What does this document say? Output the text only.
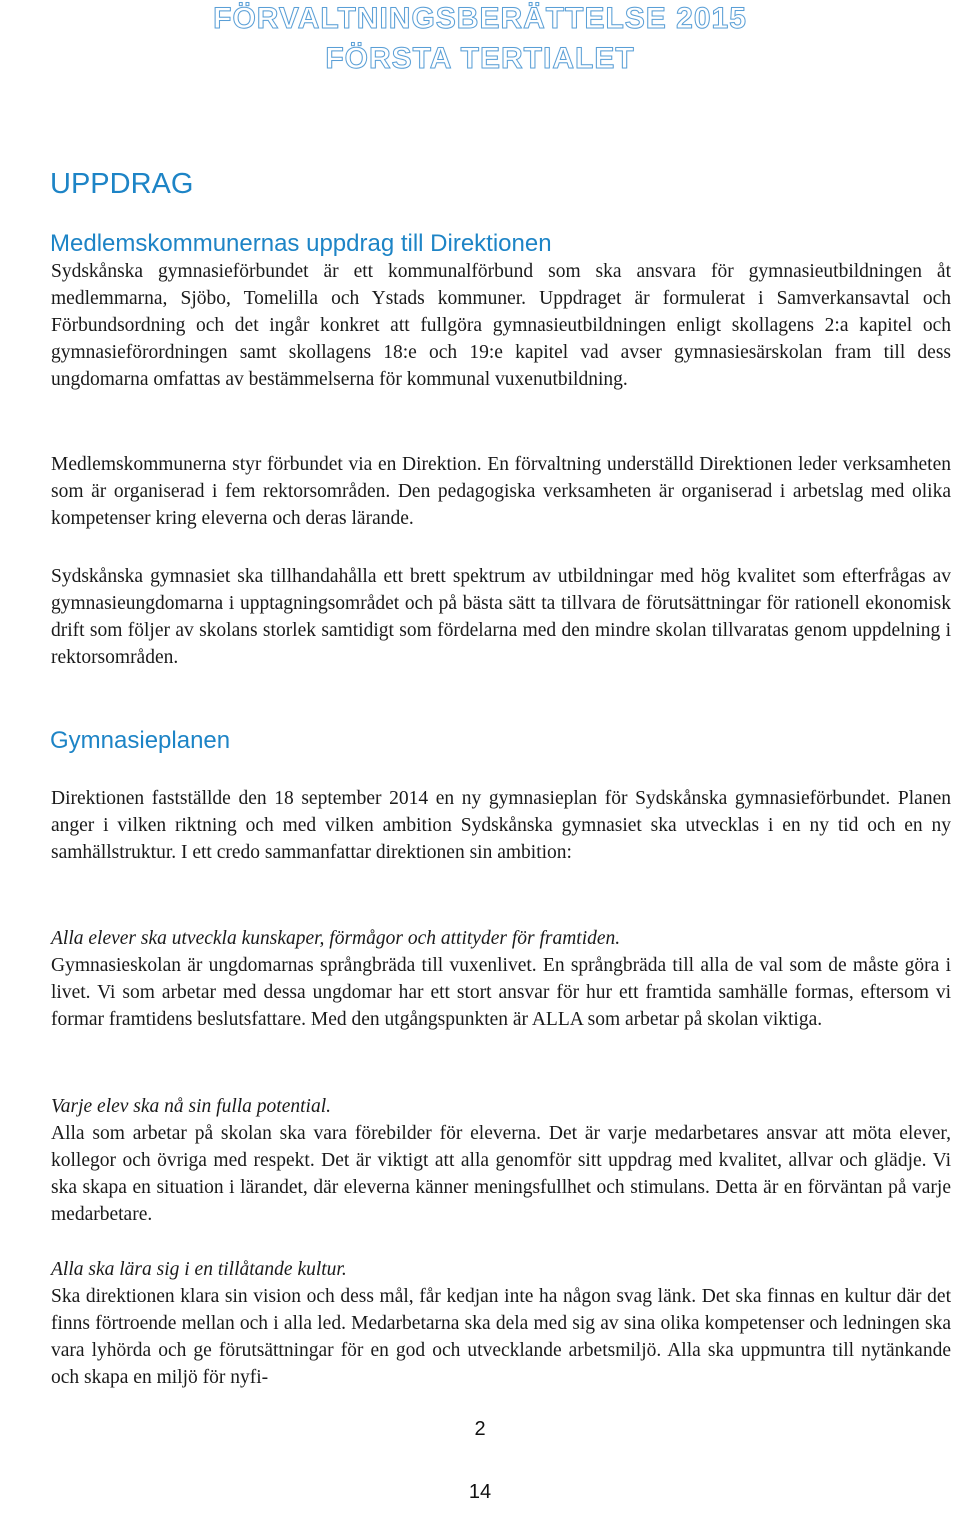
FÖRVALTNINGSBERÄTTELSE 2015
FÖRSTA TERTIALET
UPPDRAG
Medlemskommunernas uppdrag till Direktionen

Sydskånska gymnasieförbundet är ett kommunalförbund som ska ansvara för gymnasieutbildningen åt medlemmarna, Sjöbo, Tomelilla och Ystads kommuner. Uppdraget är formulerat i Samverkansavtal och Förbundsordning och det ingår konkret att fullgöra gymnasieutbildningen enligt skollagens 2:a kapitel och gymnasieförordningen samt skollagens 18:e och 19:e kapitel vad avser gymnasiesärskolan fram till dess ungdomarna omfattas av bestämmelserna för kommunal vuxenutbildning.

Medlemskommunerna styr förbundet via en Direktion. En förvaltning underställd Direktionen leder verksamheten som är organiserad i fem rektorsområden. Den pedagogiska verksamheten är organiserad i arbetslag med olika kompetenser kring eleverna och deras lärande.

Sydskånska gymnasiet ska tillhandahålla ett brett spektrum av utbildningar med hög kvalitet som efterfrågas av gymnasieungdomarna i upptagningsområdet och på bästa sätt ta tillvara de förutsättningar för rationell ekonomisk drift som följer av skolans storlek samtidigt som fördelarna med den mindre skolan tillvaratas genom uppdelning i rektorsområden.

Gymnasieplanen

Direktionen fastställde den 18 september 2014 en ny gymnasieplan för Sydskånska gymnasieförbundet. Planen anger i vilken riktning och med vilken ambition Sydskånska gymnasiet ska utvecklas i en ny tid och en ny samhällstruktur. I ett credo sammanfattar direktionen sin ambition:

Alla elever ska utveckla kunskaper, förmågor och attityder för framtiden.

Gymnasieskolan är ungdomarnas språngbräda till vuxenlivet. En språngbräda till alla de val som de måste göra i livet. Vi som arbetar med dessa ungdomar har ett stort ansvar för hur ett framtida samhälle formas, eftersom vi formar framtidens beslutsfattare. Med den utgångspunkten är ALLA som arbetar på skolan viktiga.

Varje elev ska nå sin fulla potential.

Alla som arbetar på skolan ska vara förebilder för eleverna. Det är varje medarbetares ansvar att möta elever, kollegor och övriga med respekt. Det är viktigt att alla genomför sitt uppdrag med kvalitet, allvar och glädje. Vi ska skapa en situation i lärandet, där eleverna känner meningsfullhet och stimulans. Detta är en förväntan på varje medarbetare.

Alla ska lära sig i en tillåtande kultur.

Ska direktionen klara sin vision och dess mål, får kedjan inte ha någon svag länk. Det ska finnas en kultur där det finns förtroende mellan och i alla led. Medarbetarna ska dela med sig av sina olika kompetenser och ledningen ska vara lyhörda och ge förutsättningar för en god och utvecklande arbetsmiljö. Alla ska uppmuntra till nytänkande och skapa en miljö för nyfi-

2
14
